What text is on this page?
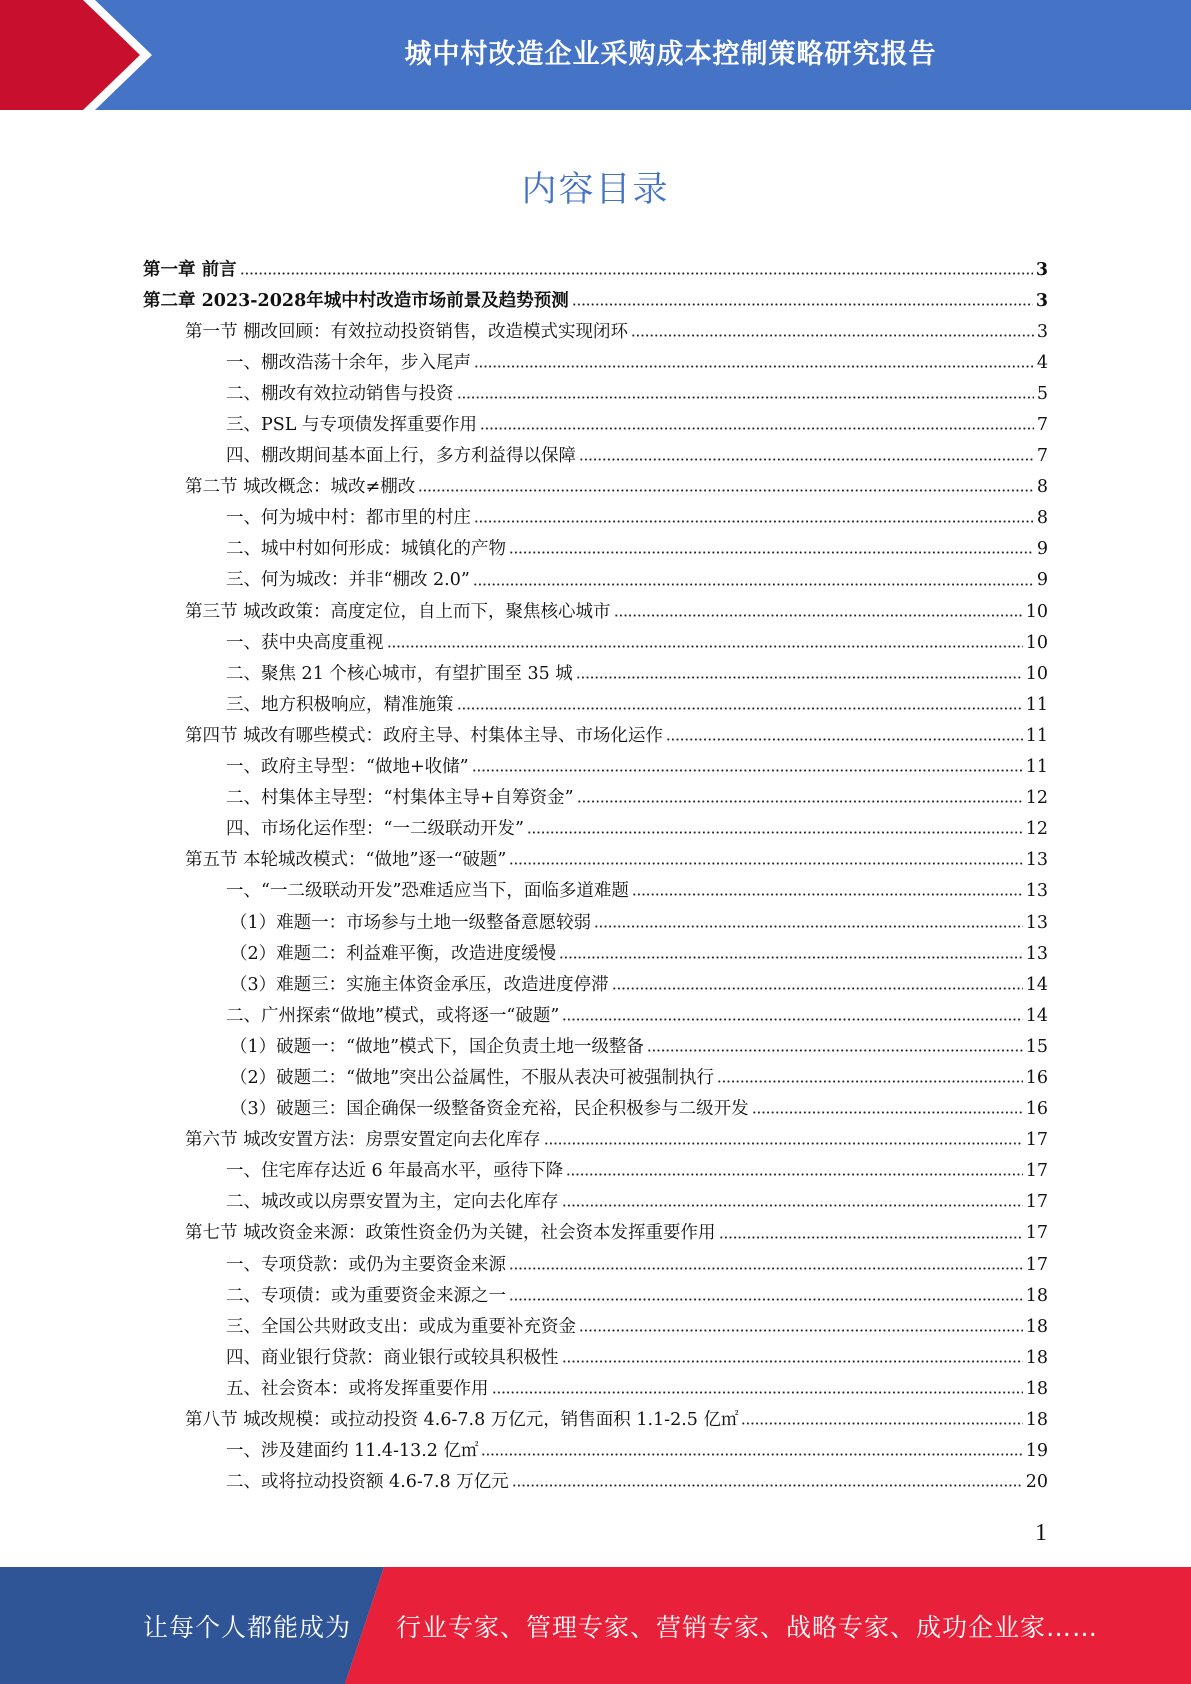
城中村改造企业采购成本控制策略研究报告
内容目录
第一章 前言	3
第二章 2023-2028年城中村改造市场前景及趋势预测	3
第一节 棚改回顾：有效拉动投资销售，改造模式实现闭环	3
一、棚改浩荡十余年，步入尾声	4
二、棚改有效拉动销售与投资	5
三、PSL 与专项债发挥重要作用	7
四、棚改期间基本面上行，多方利益得以保障	7
第二节 城改概念：城改≠棚改	8
一、何为城中村：都市里的村庄	8
二、城中村如何形成：城镇化的产物	9
三、何为城改：并非“棚改 2.0”	9
第三节 城改政策：高度定位，自上而下，聚焦核心城市	10
一、获中央高度重视	10
二、聚焦 21 个核心城市，有望扩围至 35 城	10
三、地方积极响应，精准施策	11
第四节 城改有哪些模式：政府主导、村集体主导、市场化运作	11
一、政府主导型：“做地+收储”	11
二、村集体主导型：“村集体主导+自筹资金”	12
四、市场化运作型：“一二级联动开发”	12
第五节 本轮城改模式：“做地”逐一“破题”	13
一、“一二级联动开发”恐难适应当下，面临多道难题	13
（1）难题一：市场参与土地一级整备意愿较弱	13
（2）难题二：利益难平衡，改造进度缓慢	13
（3）难题三：实施主体资金承压，改造进度停滞	14
二、广州探索“做地”模式，或将逐一“破题”	14
（1）破题一：“做地”模式下，国企负责土地一级整备	15
（2）破题二：“做地”突出公益属性，不服从表决可被强制执行	16
（3）破题三：国企确保一级整备资金充裕，民企积极参与二级开发	16
第六节 城改安置方法：房票安置定向去化库存	17
一、住宅库存达近 6 年最高水平，亟待下降	17
二、城改或以房票安置为主，定向去化库存	17
第七节 城改资金来源：政策性资金仍为关键，社会资本发挥重要作用	17
一、专项贷款：或仍为主要资金来源	17
二、专项债：或为重要资金来源之一	18
三、全国公共财政支出：或成为重要补充资金	18
四、商业银行贷款：商业银行或较具积极性	18
五、社会资本：或将发挥重要作用	18
第八节 城改规模：或拉动投资 4.6-7.8 万亿元，销售面积 1.1-2.5 亿㎡	18
一、涉及建面约 11.4-13.2 亿㎡	19
二、或将拉动投资额 4.6-7.8 万亿元	20
1
让每个人都能成为 行业专家、管理专家、营销专家、战略专家、成功企业家……
